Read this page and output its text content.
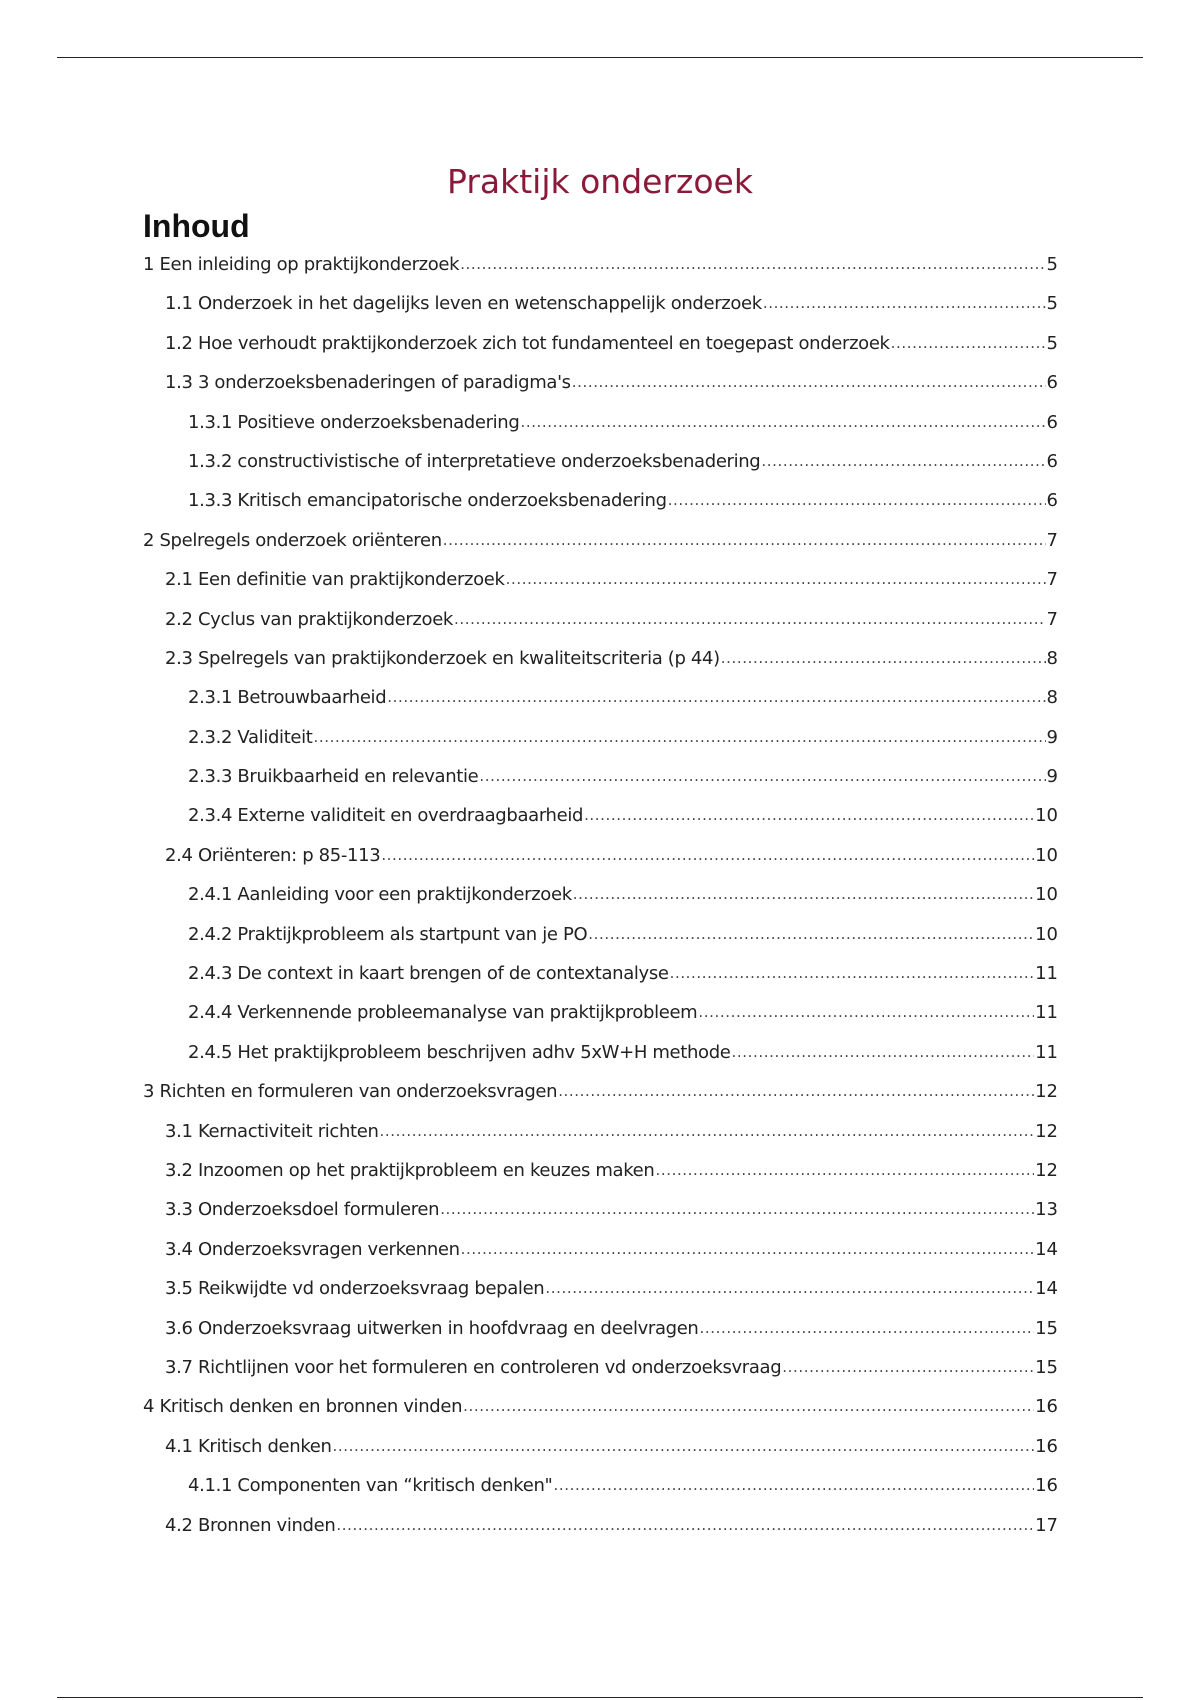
Praktijk onderzoek
Inhoud
1 Een inleiding op praktijkonderzoek .....	5
1.1 Onderzoek in het dagelijks leven en wetenschappelijk onderzoek .....	5
1.2 Hoe verhoudt praktijkonderzoek zich tot fundamenteel en toegepast onderzoek .....	5
1.3 3 onderzoeksbenaderingen of paradigma's .....	6
1.3.1 Positieve onderzoeksbenadering .....	6
1.3.2 constructivistische of interpretatieve onderzoeksbenadering .....	6
1.3.3 Kritisch emancipatorische onderzoeksbenadering .....	6
2 Spelregels onderzoek oriënteren .....	7
2.1 Een definitie van praktijkonderzoek .....	7
2.2 Cyclus van praktijkonderzoek .....	7
2.3 Spelregels van praktijkonderzoek en kwaliteitscriteria (p 44) .....	8
2.3.1 Betrouwbaarheid .....	8
2.3.2 Validiteit .....	9
2.3.3 Bruikbaarheid en relevantie .....	9
2.3.4 Externe validiteit en overdraagbaarheid .....	10
2.4 Oriënteren: p 85-113 .....	10
2.4.1 Aanleiding voor een praktijkonderzoek .....	10
2.4.2 Praktijkprobleem als startpunt van je PO .....	10
2.4.3 De context in kaart brengen of de contextanalyse .....	11
2.4.4 Verkennende probleemanalyse van praktijkprobleem .....	11
2.4.5 Het praktijkprobleem beschrijven adhv 5xW+H methode .....	11
3 Richten en formuleren van onderzoeksvragen .....	12
3.1 Kernactiviteit richten .....	12
3.2 Inzoomen op het praktijkprobleem en keuzes maken .....	12
3.3 Onderzoeksdoel formuleren .....	13
3.4 Onderzoeksvragen verkennen .....	14
3.5 Reikwijdte vd onderzoeksvraag bepalen .....	14
3.6 Onderzoeksvraag uitwerken in hoofdvraag en deelvragen .....	15
3.7 Richtlijnen voor het formuleren en controleren vd onderzoeksvraag .....	15
4 Kritisch denken en bronnen vinden .....	16
4.1 Kritisch denken .....	16
4.1.1 Componenten van “kritisch denken" .....	16
4.2 Bronnen vinden .....	17
